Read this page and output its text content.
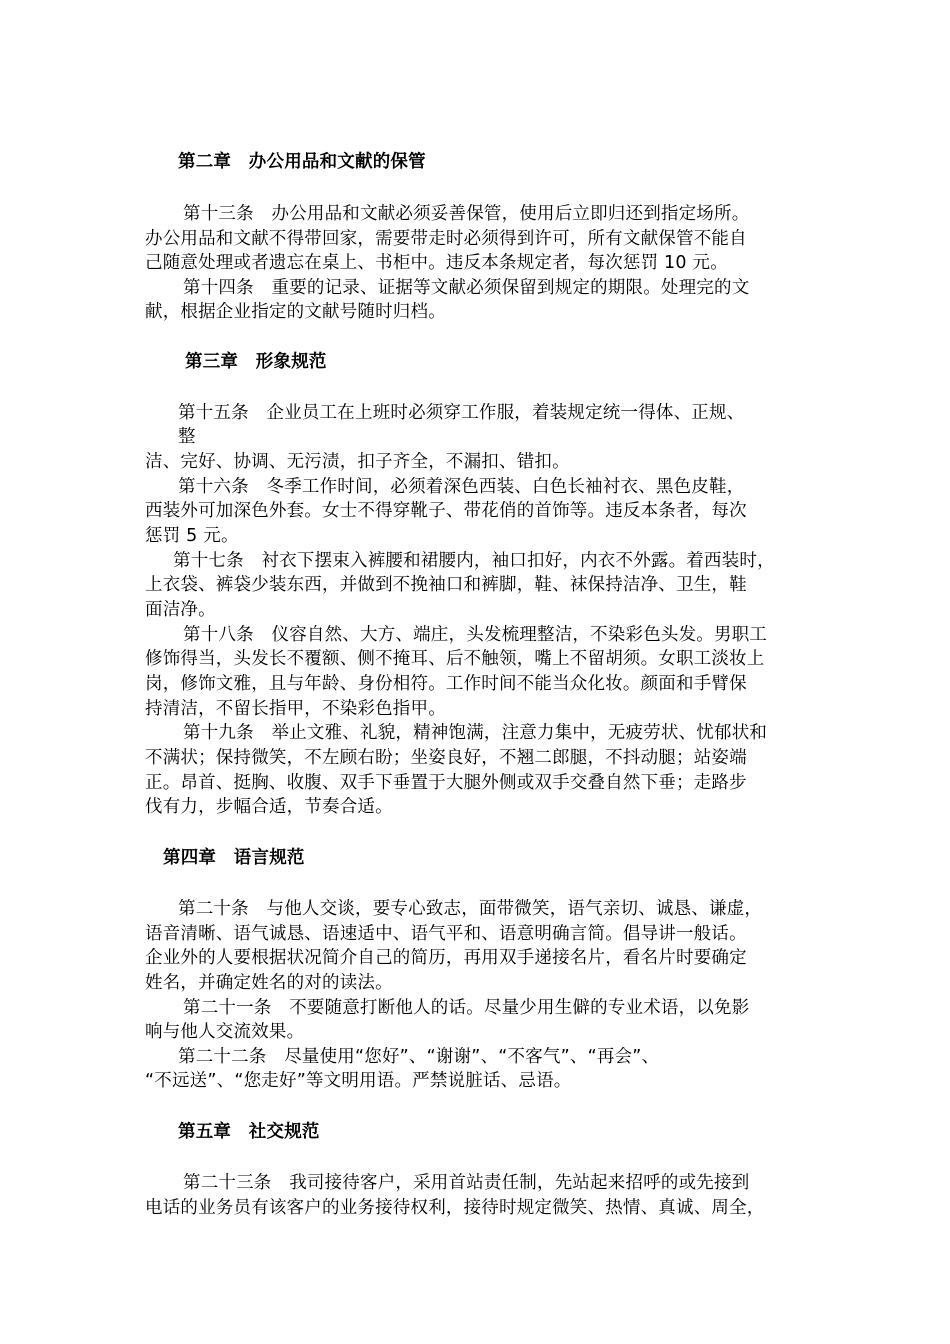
第二章　办公用品和文献的保管
第十三条　办公用品和文献必须妥善保管，使用后立即归还到指定场所。
办公用品和文献不得带回家，需要带走时必须得到许可，所有文献保管不能自
己随意处理或者遗忘在桌上、书柜中。违反本条规定者，每次惩罚 10 元。
第十四条　重要的记录、证据等文献必须保留到规定的期限。处理完的文
献，根据企业指定的文献号随时归档。
第三章　形象规范
第十五条　企业员工在上班时必须穿工作服，着装规定统一得体、正规、
整
洁、完好、协调、无污渍，扣子齐全，不漏扣、错扣。
第十六条　冬季工作时间，必须着深色西装、白色长袖衬衣、黑色皮鞋，
西装外可加深色外套。女士不得穿靴子、带花俏的首饰等。违反本条者，每次
惩罚 5 元。
第十七条　衬衣下摆束入裤腰和裙腰内，袖口扣好，内衣不外露。着西装时，
上衣袋、裤袋少装东西，并做到不挽袖口和裤脚，鞋、袜保持洁净、卫生，鞋
面洁净。
第十八条　仪容自然、大方、端庄，头发梳理整洁，不染彩色头发。男职工
修饰得当，头发长不覆额、侧不掩耳、后不触领，嘴上不留胡须。女职工淡妆上
岗，修饰文雅，且与年龄、身份相符。工作时间不能当众化妆。颜面和手臂保
持清洁，不留长指甲，不染彩色指甲。
第十九条　举止文雅、礼貌，精神饱满，注意力集中，无疲劳状、忧郁状和
不满状；保持微笑，不左顾右盼；坐姿良好，不翘二郎腿，不抖动腿；站姿端
正。昂首、挺胸、收腹、双手下垂置于大腿外侧或双手交叠自然下垂；走路步
伐有力，步幅合适，节奏合适。
第四章　语言规范
第二十条　与他人交谈，要专心致志，面带微笑，语气亲切、诚恳、谦虚，
语音清晰、语气诚恳、语速适中、语气平和、语意明确言简。倡导讲一般话。
企业外的人要根据状况简介自己的简历，再用双手递接名片，看名片时要确定
姓名，并确定姓名的对的读法。
第二十一条　不要随意打断他人的话。尽量少用生僻的专业术语，以免影
响与他人交流效果。
第二十二条　尽量使用“您好”、“谢谢”、“不客气”、“再会”、
“不远送”、“您走好”等文明用语。严禁说脏话、忌语。
第五章　社交规范
第二十三条　我司接待客户，采用首站责任制，先站起来招呼的或先接到
电话的业务员有该客户的业务接待权利，接待时规定微笑、热情、真诚、周全，
